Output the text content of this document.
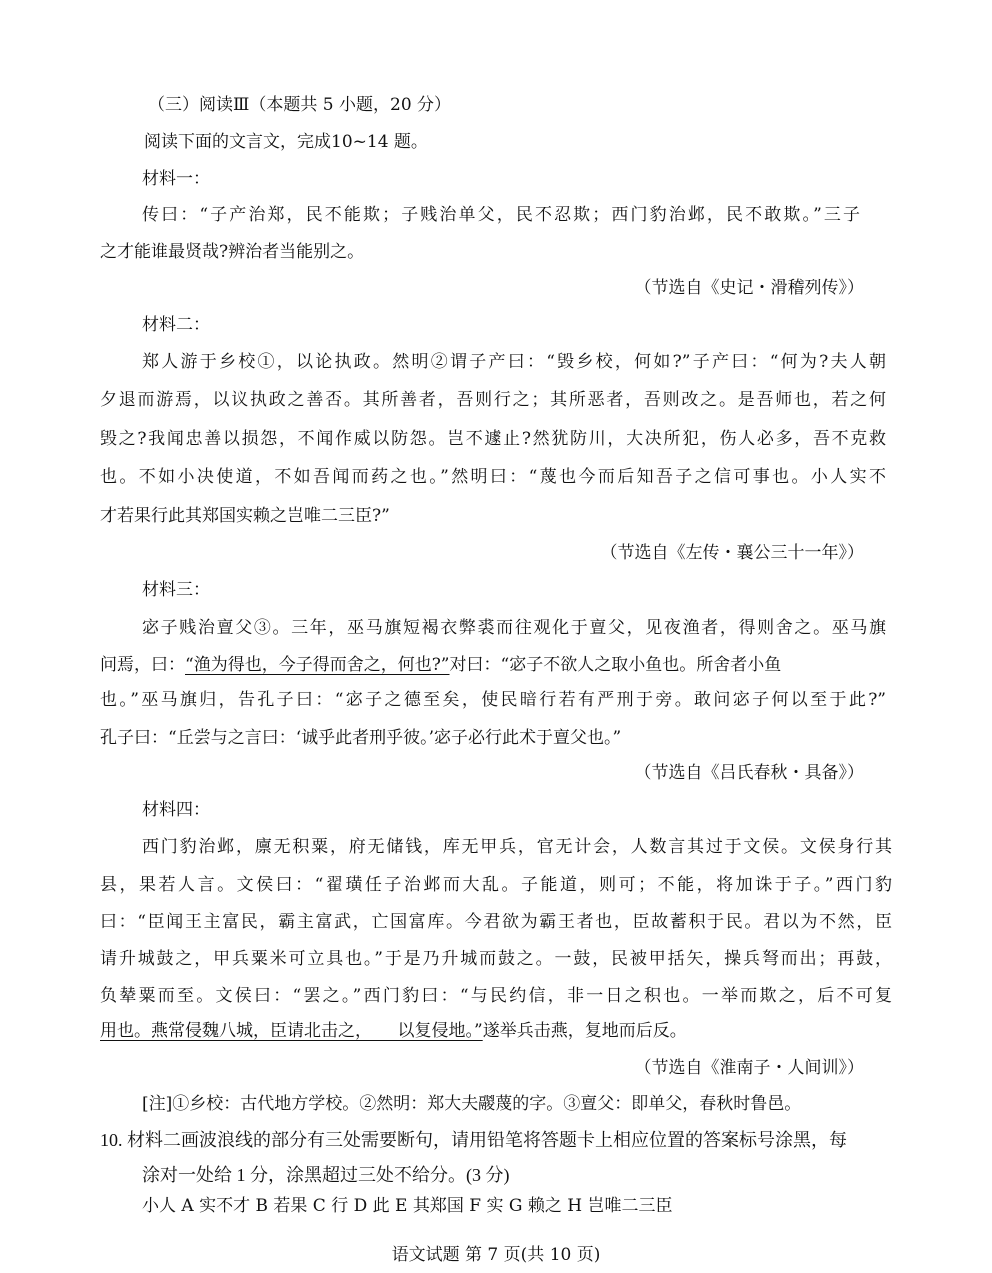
（三）阅读Ⅲ（本题共 5 小题，20 分）
阅读下面的文言文，完成10~14 题。
材料一：
传曰：“子产治郑，民不能欺；子贱治单父，民不忍欺；西门豹治邺，民不敢欺。”三子
之才能谁最贤哉?辨治者当能别之。
（节选自《史记・滑稽列传》）
材料二：
郑人游于乡校①，以论执政。然明②谓子产曰：“毁乡校，何如?”子产曰：“何为?夫人朝
夕退而游焉，以议执政之善否。其所善者，吾则行之；其所恶者，吾则改之。是吾师也，若之何
毁之?我闻忠善以损怨，不闻作威以防怨。岂不遽止?然犹防川，大决所犯，伤人必多，吾不克救
也。不如小决使道，不如吾闻而药之也。”然明曰：“蔑也今而后知吾子之信可事也。小人实不
才若果行此其郑国实赖之岂唯二三臣?”
（节选自《左传・襄公三十一年》）
材料三：
宓子贱治亶父③。三年，巫马旗短褐衣弊裘而往观化于亶父，见夜渔者，得则舍之。巫马旗
问焉，曰：“渔为得也，今子得而舍之，何也?”对曰：“宓子不欲人之取小鱼也。所舍者小鱼
也。”巫马旗归，告孔子曰：“宓子之德至矣，使民暗行若有严刑于旁。敢问宓子何以至于此?”
孔子曰：“丘尝与之言曰：‘诚乎此者刑乎彼。’宓子必行此术于亶父也。”
（节选自《吕氏春秋・具备》）
材料四：
西门豹治邺，廪无积粟，府无储钱，库无甲兵，官无计会，人数言其过于文侯。文侯身行其
县，果若人言。文侯曰：“翟璜任子治邺而大乱。子能道，则可；不能，将加诛于子。”西门豹
曰：“臣闻王主富民，霸主富武，亡国富库。今君欲为霸王者也，臣故蓄积于民。君以为不然，臣
请升城鼓之，甲兵粟米可立具也。”于是乃升城而鼓之。一鼓，民被甲括矢，操兵弩而出；再鼓，
负辇粟而至。文侯曰：“罢之。”西门豹曰：“与民约信，非一日之积也。一举而欺之，后不可复
用也。燕常侵魏八城，臣请北击之，　　以复侵地。”遂举兵击燕，复地而后反。
（节选自《淮南子・人间训》）
[注]①乡校：古代地方学校。②然明：郑大夫鬷蔑的字。③亶父：即单父，春秋时鲁邑。
10. 材料二画波浪线的部分有三处需要断句，请用铅笔将答题卡上相应位置的答案标号涂黑，每
涂对一处给 1 分，涂黑超过三处不给分。(3 分)
小人 A 实不才 B 若果 C 行 D 此 E 其郑国 F 实 G 赖之 H 岂唯二三臣
语文试题 第 7 页(共 10 页)
